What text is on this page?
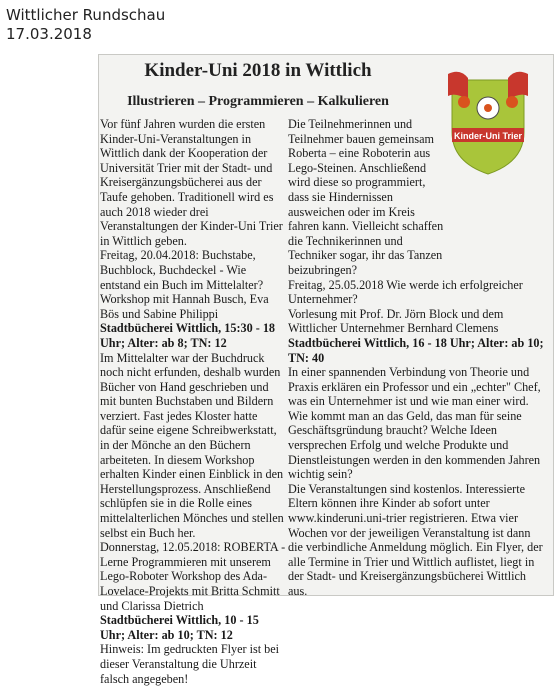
Wittlicher Rundschau
17.03.2018
Kinder-Uni 2018 in Wittlich
Illustrieren – Programmieren – Kalkulieren
Kinder-Uni Trier

Vor fünf Jahren wurden die ersten Kinder-Uni-Veranstaltungen in Wittlich dank der Kooperation der Universität Trier mit der Stadt- und Kreisergänzungsbücherei aus der Taufe gehoben. Traditionell wird es auch 2018 wieder drei Veranstaltungen der Kinder-Uni Trier in Wittlich geben.

Freitag, 20.04.2018: Buchstabe, Buchblock, Buchdeckel - Wie entstand ein Buch im Mittelalter?

Workshop mit Hannah Busch, Eva Bös und Sabine Philippi

Stadtbücherei Wittlich, 15:30 - 18 Uhr; Alter: ab 8; TN: 12

Im Mittelalter war der Buchdruck noch nicht erfunden, deshalb wurden Bücher von Hand geschrieben und mit bunten Buchstaben und Bildern verziert. Fast jedes Kloster hatte dafür seine eigene Schreibwerkstatt, in der Mönche an den Büchern arbeiteten. In diesem Workshop erhalten Kinder einen Einblick in den Herstellungsprozess. Anschließend schlüpfen sie in die Rolle eines mittelalterlichen Mönches und stellen selbst ein Buch her.

Donnerstag, 12.05.2018: ROBERTA - Lerne Programmieren mit unserem Lego-Roboter Workshop des Ada-Lovelace-Projekts mit Britta Schmitt und Clarissa Dietrich

Stadtbücherei Wittlich, 10 - 15 Uhr; Alter: ab 10; TN: 12

Hinweis: Im gedruckten Flyer ist bei dieser Veranstaltung die Uhrzeit falsch angegeben!

Die Teilnehmerinnen und Teilnehmer bauen gemeinsam Roberta – eine Roboterin aus Lego-Steinen. Anschließend wird diese so programmiert, dass sie Hindernissen ausweichen oder im Kreis fahren kann. Vielleicht schaffen die Technikerinnen und Techniker sogar, ihr das Tanzen beizubringen?

Freitag, 25.05.2018 Wie werde ich erfolgreicher Unternehmer?

Vorlesung mit Prof. Dr. Jörn Block und dem Wittlicher Unternehmer Bernhard Clemens

Stadtbücherei Wittlich, 16 - 18 Uhr; Alter: ab 10; TN: 40

In einer spannenden Verbindung von Theorie und Praxis erklären ein Professor und ein „echter" Chef, was ein Unternehmer ist und wie man einer wird. Wie kommt man an das Geld, das man für seine Geschäftsgründung braucht? Welche Ideen versprechen Erfolg und welche Produkte und Dienstleistungen werden in den kommenden Jahren wichtig sein?

Die Veranstaltungen sind kostenlos. Interessierte Eltern können ihre Kinder ab sofort unter www.kinderuni.uni-trier registrieren. Etwa vier Wochen vor der jeweiligen Veranstaltung ist dann die verbindliche Anmeldung möglich. Ein Flyer, der alle Termine in Trier und Wittlich auflistet, liegt in der Stadt- und Kreisergänzungsbücherei Wittlich aus.
